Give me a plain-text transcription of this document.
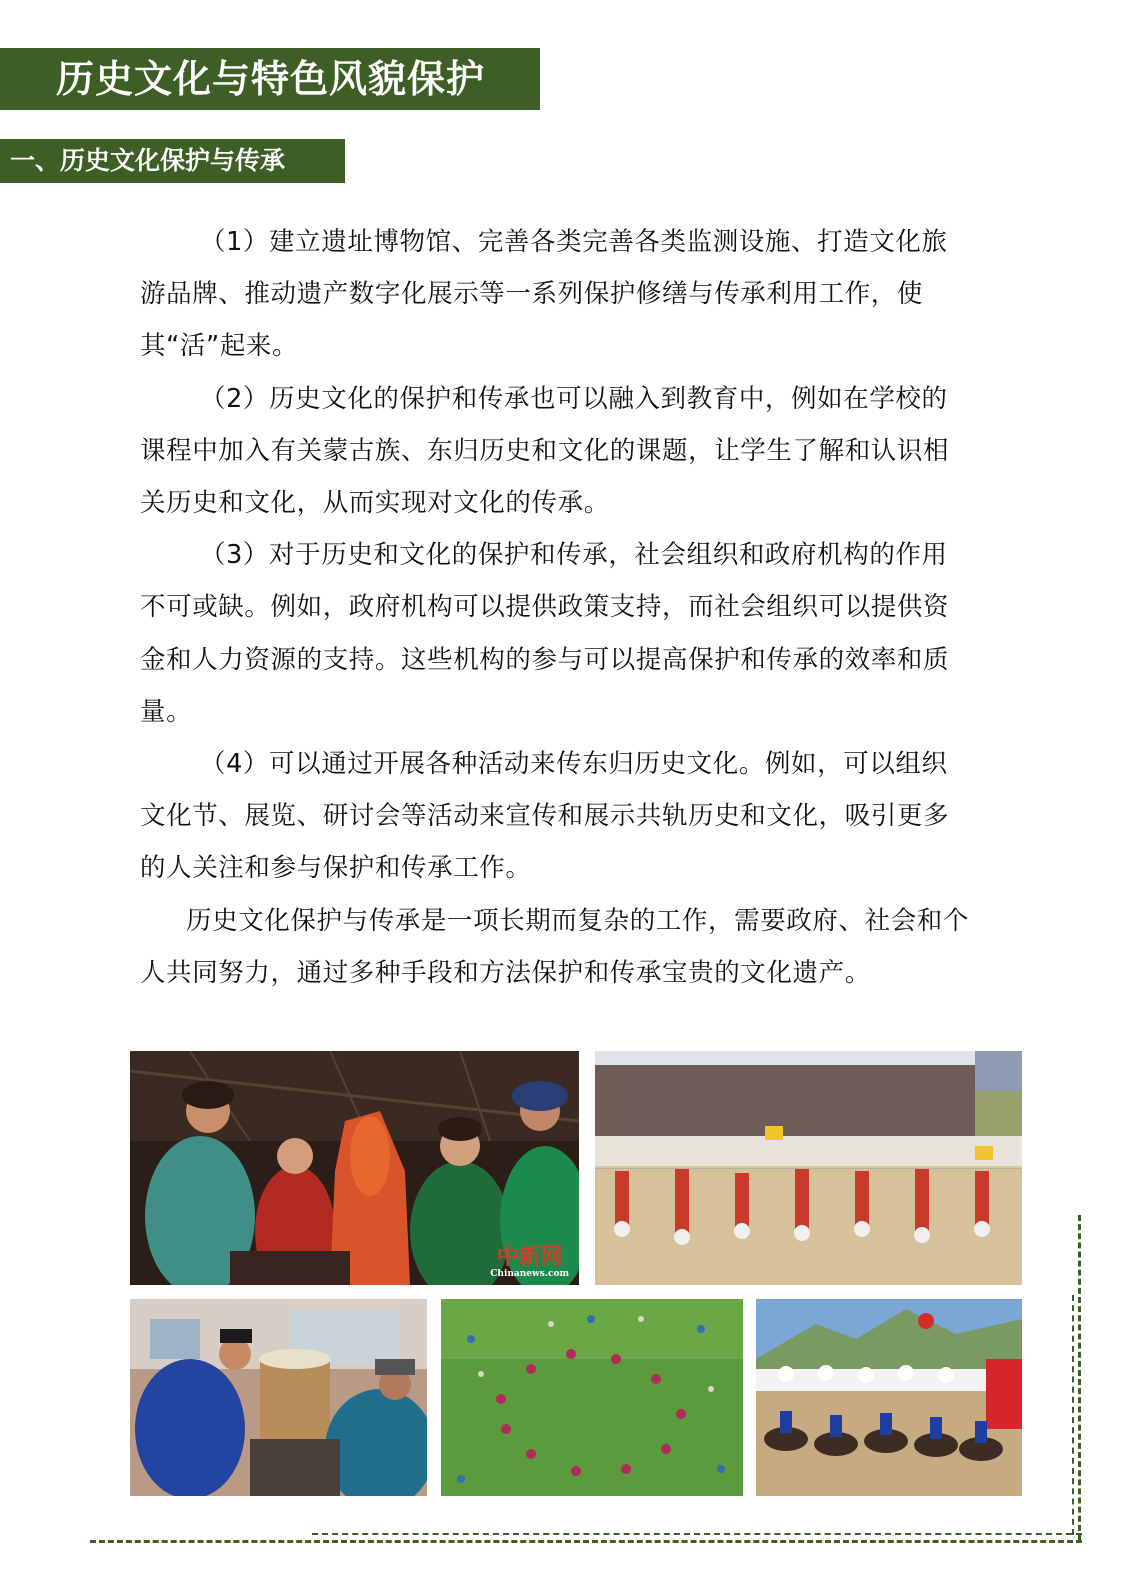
历史文化与特色风貌保护
一、历史文化保护与传承

（1）建立遗址博物馆、完善各类完善各类监测设施、打造文化旅游品牌、推动遗产数字化展示等一系列保护修缮与传承利用工作，使其“活”起来。

（2）历史文化的保护和传承也可以融入到教育中，例如在学校的课程中加入有关蒙古族、东归历史和文化的课题，让学生了解和认识相关历史和文化，从而实现对文化的传承。

（3）对于历史和文化的保护和传承，社会组织和政府机构的作用不可或缺。例如，政府机构可以提供政策支持，而社会组织可以提供资金和人力资源的支持。这些机构的参与可以提高保护和传承的效率和质量。

（4）可以通过开展各种活动来传东归历史文化。例如，可以组织文化节、展览、研讨会等活动来宣传和展示共轨历史和文化，吸引更多的人关注和参与保护和传承工作。

历史文化保护与传承是一项长期而复杂的工作，需要政府、社会和个人共同努力，通过多种手段和方法保护和传承宝贵的文化遗产。

中新网
Chinanews.com
